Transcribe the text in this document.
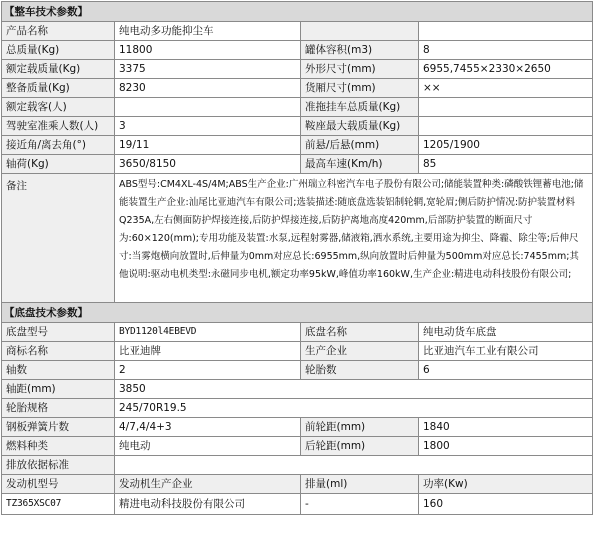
【整车技术参数】			
产品名称	纯电动多功能抑尘车		
总质量(Kg)	11800	罐体容积(m3)	8
额定载质量(Kg)	3375	外形尺寸(mm)	6955,7455×2330×2650
整备质量(Kg)	8230	货厢尺寸(mm)	××
额定载客(人)		准拖挂车总质量(Kg)	
驾驶室准乘人数(人)	3	鞍座最大载质量(Kg)	
接近角/离去角(°)	19/11	前悬/后悬(mm)	1205/1900
轴荷(Kg)	3650/8150	最高车速(Km/h)	85
备注	ABS型号:CM4XL-4S/4M;ABS生产企业:广州瑞立科密汽车电子股份有限公司;储能装置种类:磷酸铁锂蓄电池;储能装置生产企业:汕尾比亚迪汽车有限公司;选装描述:随底盘选装铝制轮辋,宽轮眉;侧后防护情况:防护装置材料Q235A,左右侧面防护焊接连接,后防护焊接连接,后防护离地高度420mm,后部防护装置的断面尺寸为:60×120(mm);专用功能及装置:水泵,远程射雾器,储液箱,洒水系统,主要用途为抑尘、降霾、除尘等;后伸尺寸:当雾炮横向放置时,后伸量为0mm对应总长:6955mm,纵向放置时后伸量为500mm对应总长:7455mm;其他说明:驱动电机类型:永磁同步电机,额定功率95kW,峰值功率160kW,生产企业:精进电动科技股份有限公司;		
【底盘技术参数】			
底盘型号	BYD1120l4EBEVD	底盘名称	纯电动货车底盘
商标名称	比亚迪牌	生产企业	比亚迪汽车工业有限公司
轴数	2	轮胎数	6
轴距(mm)	3850		
轮胎规格	245/70R19.5		
钢板弹簧片数	4/7,4/4+3	前轮距(mm)	1840
燃料种类	纯电动	后轮距(mm)	1800
排放依据标准			
发动机型号	发动机生产企业	排量(ml)	功率(Kw)
TZ365XSC07	精进电动科技股份有限公司	-	160
